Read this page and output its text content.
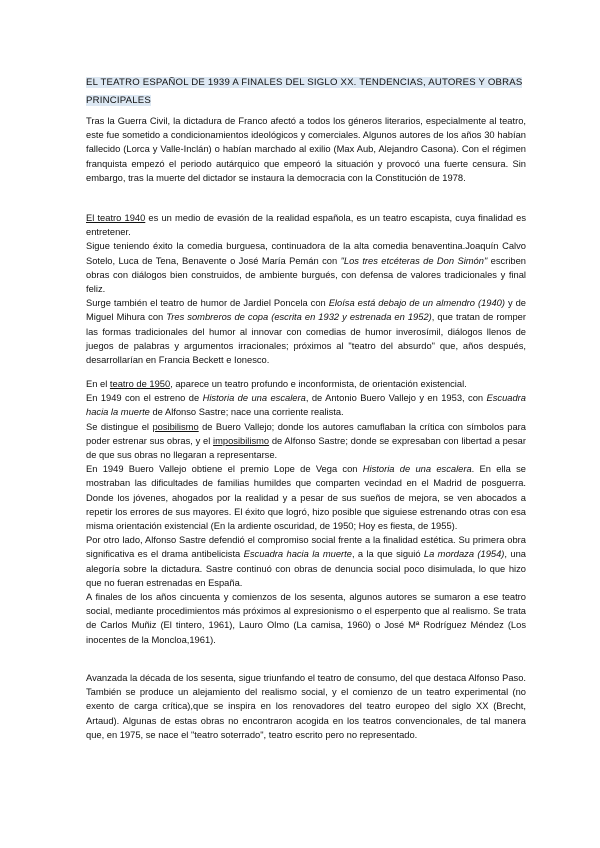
EL TEATRO ESPAÑOL DE 1939 A FINALES DEL SIGLO XX. TENDENCIAS, AUTORES Y OBRAS PRINCIPALES

Tras la Guerra Civil, la dictadura de Franco afectó a todos los géneros literarios, especialmente al teatro, este fue sometido a condicionamientos ideológicos y comerciales. Algunos autores de los años 30 habían fallecido (Lorca y Valle-Inclán) o habían marchado al exilio (Max Aub, Alejandro Casona). Con el régimen franquista empezó el periodo autárquico que empeoró la situación y provocó una fuerte censura. Sin embargo, tras la muerte del dictador se instaura la democracia con la Constitución de 1978.

El teatro 1940 es un medio de evasión de la realidad española, es un teatro escapista, cuya finalidad es entretener.

Sigue teniendo éxito la comedia burguesa, continuadora de la alta comedia benaventina.Joaquín Calvo Sotelo, Luca de Tena, Benavente o José María Pemán con "Los tres etcéteras de Don Simón" escriben obras con diálogos bien construidos, de ambiente burgués, con defensa de valores tradicionales y final feliz.

Surge también el teatro de humor de Jardiel Poncela con Eloísa está debajo de un almendro (1940) y de Miguel Mihura con Tres sombreros de copa (escrita en 1932 y estrenada en 1952), que tratan de romper las formas tradicionales del humor al innovar con comedias de humor inverosímil, diálogos llenos de juegos de palabras y argumentos irracionales; próximos al "teatro del absurdo" que, años después, desarrollarían en Francia Beckett e Ionesco.

En el teatro de 1950, aparece un teatro profundo e inconformista, de orientación existencial.

En 1949 con el estreno de Historia de una escalera, de Antonio Buero Vallejo y en 1953, con Escuadra hacia la muerte de Alfonso Sastre; nace una corriente realista.

Se distingue el posibilismo de Buero Vallejo; donde los autores camuflaban la crítica con símbolos para poder estrenar sus obras, y el imposibilismo de Alfonso Sastre; donde se expresaban con libertad a pesar de que sus obras no llegaran a representarse.

En 1949 Buero Vallejo obtiene el premio Lope de Vega con Historia de una escalera. En ella se mostraban las dificultades de familias humildes que comparten vecindad en el Madrid de posguerra. Donde los jóvenes, ahogados por la realidad y a pesar de sus sueños de mejora, se ven abocados a repetir los errores de sus mayores. El éxito que logró, hizo posible que siguiese estrenando otras con esa misma orientación existencial (En la ardiente oscuridad, de 1950; Hoy es fiesta, de 1955).

Por otro lado, Alfonso Sastre defendió el compromiso social frente a la finalidad estética. Su primera obra significativa es el drama antibelicista Escuadra hacia la muerte, a la que siguió La mordaza (1954), una alegoría sobre la dictadura. Sastre continuó con obras de denuncia social poco disimulada, lo que hizo que no fueran estrenadas en España.

A finales de los años cincuenta y comienzos de los sesenta, algunos autores se sumaron a ese teatro social, mediante procedimientos más próximos al expresionismo o el esperpento que al realismo. Se trata de Carlos Muñiz (El tintero, 1961), Lauro Olmo (La camisa, 1960) o José Mª Rodríguez Méndez (Los inocentes de la Moncloa,1961).

Avanzada la década de los sesenta, sigue triunfando el teatro de consumo, del que destaca Alfonso Paso. También se produce un alejamiento del realismo social, y el comienzo de un teatro experimental (no exento de carga crítica),que se inspira en los renovadores del teatro europeo del siglo XX (Brecht, Artaud). Algunas de estas obras no encontraron acogida en los teatros convencionales, de tal manera que, en 1975, se nace el "teatro soterrado", teatro escrito pero no representado.
